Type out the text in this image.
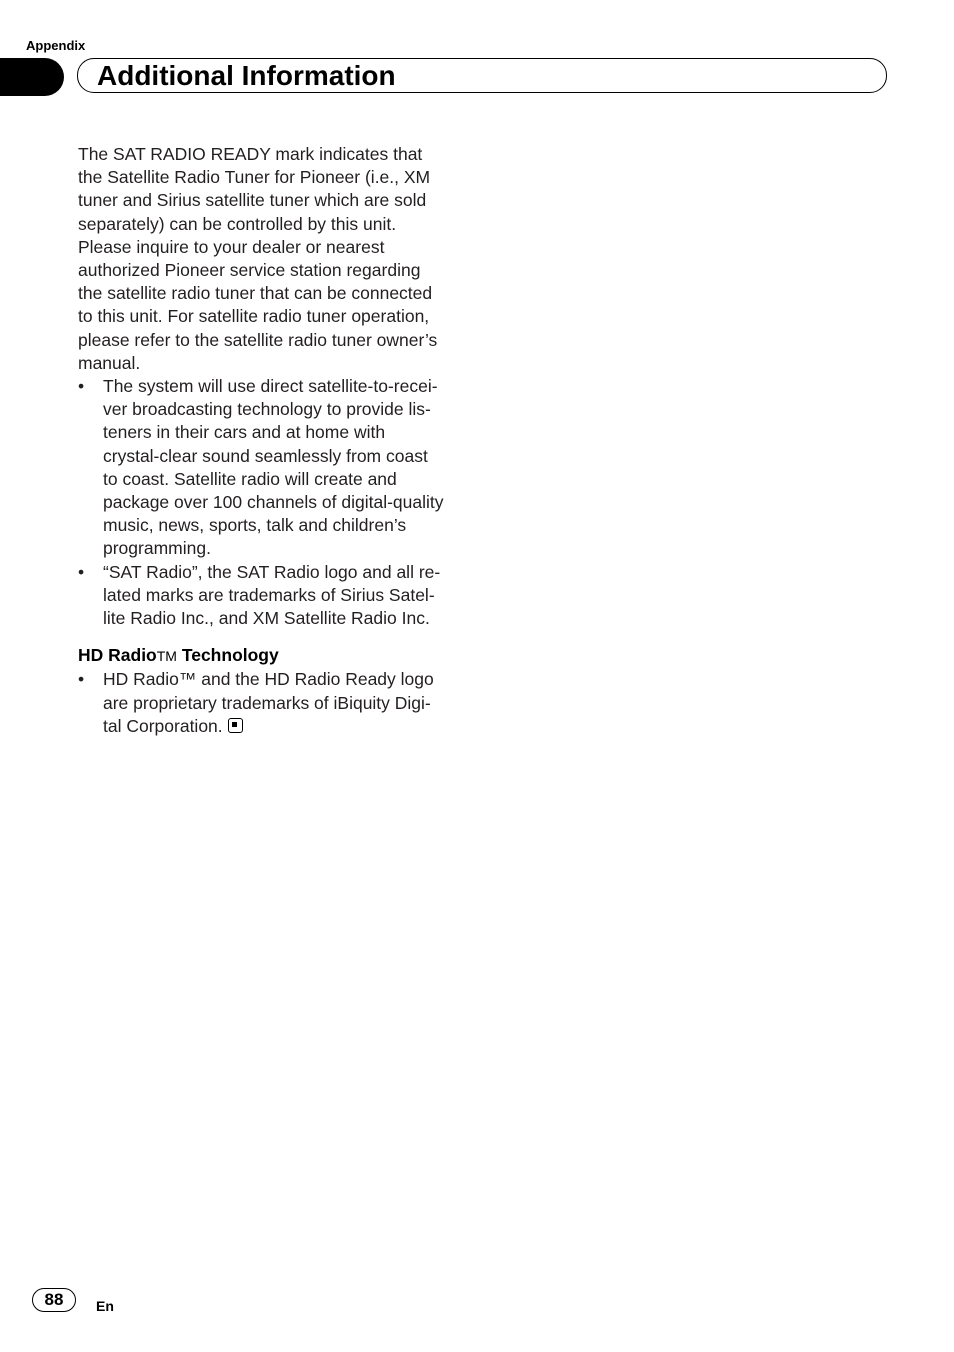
Appendix
Additional Information

The SAT RADIO READY mark indicates that
the Satellite Radio Tuner for Pioneer (i.e., XM
tuner and Sirius satellite tuner which are sold
separately) can be controlled by this unit.
Please inquire to your dealer or nearest
authorized Pioneer service station regarding
the satellite radio tuner that can be connected
to this unit. For satellite radio tuner operation,
please refer to the satellite radio tuner owner’s
manual.

• The system will use direct satellite-to-recei-
ver broadcasting technology to provide lis-
teners in their cars and at home with
crystal-clear sound seamlessly from coast
to coast. Satellite radio will create and
package over 100 channels of digital-quality
music, news, sports, talk and children’s
programming.

• “SAT Radio”, the SAT Radio logo and all re-
lated marks are trademarks of Sirius Satel-
lite Radio Inc., and XM Satellite Radio Inc.

HD RadioTM Technology

• HD Radio™ and the HD Radio Ready logo
are proprietary trademarks of iBiquity Digi-
tal Corporation.

88	En
